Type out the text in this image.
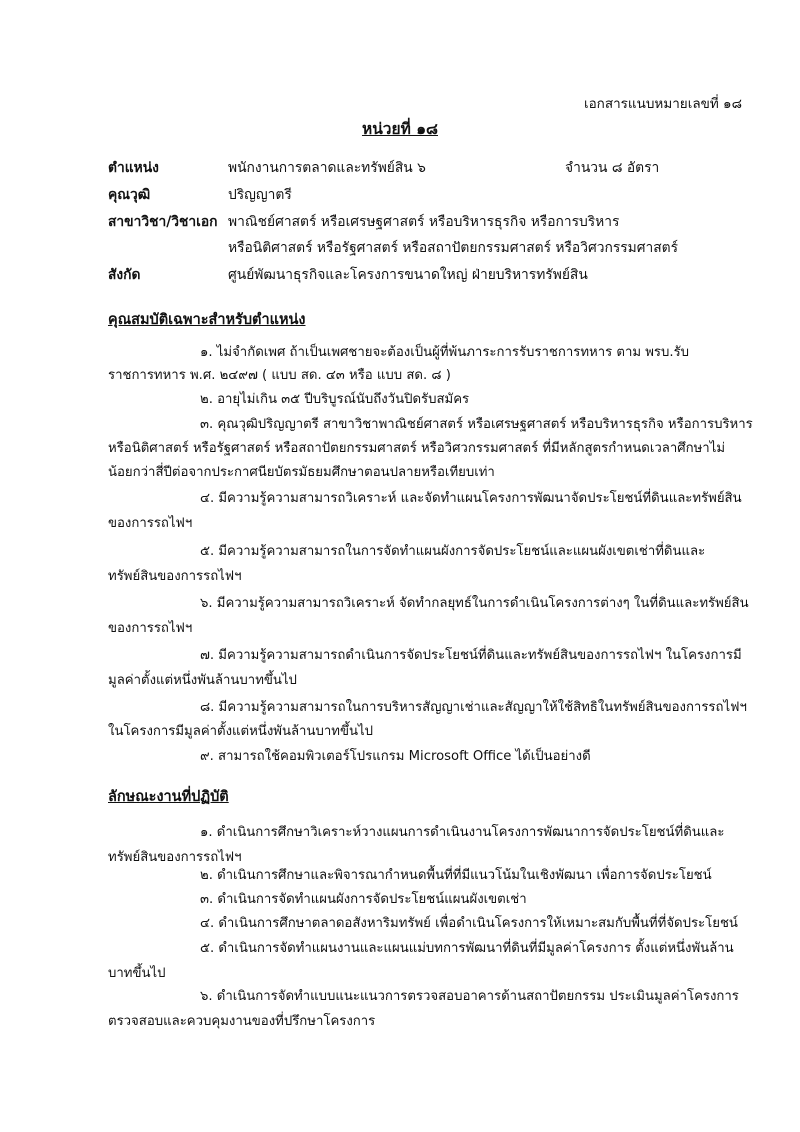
เอกสารแนบหมายเลขที่ ๑๘
หน่วยที่ ๑๘
ตำแหน่ง	พนักงานการตลาดและทรัพย์สิน ๖	จำนวน ๘ อัตรา
คุณวุฒิ	ปริญญาตรี
สาขาวิชา/วิชาเอก พาณิชย์ศาสตร์ หรือเศรษฐศาสตร์ หรือบริหารธุรกิจ หรือการบริหาร
หรือนิติศาสตร์ หรือรัฐศาสตร์ หรือสถาปัตยกรรมศาสตร์ หรือวิศวกรรมศาสตร์
สังกัด	ศูนย์พัฒนาธุรกิจและโครงการขนาดใหญ่ ฝ่ายบริหารทรัพย์สิน
คุณสมบัติเฉพาะสำหรับตำแหน่ง
๑. ไม่จำกัดเพศ ถ้าเป็นเพศชายจะต้องเป็นผู้ที่พ้นภาระการรับราชการทหาร ตาม พรบ.รับ
ราชการทหาร พ.ศ. ๒๔๙๗ ( แบบ สด. ๔๓ หรือ แบบ สด. ๘ )
๒. อายุไม่เกิน ๓๕ ปีบริบูรณ์นับถึงวันปิดรับสมัคร
๓. คุณวุฒิปริญญาตรี สาขาวิชาพาณิชย์ศาสตร์ หรือเศรษฐศาสตร์ หรือบริหารธุรกิจ หรือการบริหาร
หรือนิติศาสตร์ หรือรัฐศาสตร์ หรือสถาปัตยกรรมศาสตร์ หรือวิศวกรรมศาสตร์ ที่มีหลักสูตรกำหนดเวลาศึกษาไม่
น้อยกว่าสี่ปีต่อจากประกาศนียบัตรมัธยมศึกษาตอนปลายหรือเทียบเท่า
๔. มีความรู้ความสามารถวิเคราะห์ และจัดทำแผนโครงการพัฒนาจัดประโยชน์ที่ดินและทรัพย์สิน
ของการรถไฟฯ
๕. มีความรู้ความสามารถในการจัดทำแผนผังการจัดประโยชน์และแผนผังเขตเช่าที่ดินและ
ทรัพย์สินของการรถไฟฯ
๖. มีความรู้ความสามารถวิเคราะห์ จัดทำกลยุทธ์ในการดำเนินโครงการต่างๆ ในที่ดินและทรัพย์สิน
ของการรถไฟฯ
๗. มีความรู้ความสามารถดำเนินการจัดประโยชน์ที่ดินและทรัพย์สินของการรถไฟฯ ในโครงการมี
มูลค่าตั้งแต่หนึ่งพันล้านบาทขึ้นไป
๘. มีความรู้ความสามารถในการบริหารสัญญาเช่าและสัญญาให้ใช้สิทธิในทรัพย์สินของการรถไฟฯ
ในโครงการมีมูลค่าตั้งแต่หนึ่งพันล้านบาทขึ้นไป
๙. สามารถใช้คอมพิวเตอร์โปรแกรม Microsoft Office ได้เป็นอย่างดี
ลักษณะงานที่ปฏิบัติ
๑. ดำเนินการศึกษาวิเคราะห์วางแผนการดำเนินงานโครงการพัฒนาการจัดประโยชน์ที่ดินและ
ทรัพย์สินของการรถไฟฯ
๒. ดำเนินการศึกษาและพิจารณากำหนดพื้นที่ที่มีแนวโน้มในเชิงพัฒนา เพื่อการจัดประโยชน์
๓. ดำเนินการจัดทำแผนผังการจัดประโยชน์แผนผังเขตเช่า
๔. ดำเนินการศึกษาตลาดอสังหาริมทรัพย์ เพื่อดำเนินโครงการให้เหมาะสมกับพื้นที่ที่จัดประโยชน์
๕. ดำเนินการจัดทำแผนงานและแผนแม่บทการพัฒนาที่ดินที่มีมูลค่าโครงการ ตั้งแต่หนึ่งพันล้าน
บาทขึ้นไป
๖. ดำเนินการจัดทำแบบแนะแนวการตรวจสอบอาคารด้านสถาปัตยกรรม ประเมินมูลค่าโครงการ
ตรวจสอบและควบคุมงานของที่ปรึกษาโครงการ
